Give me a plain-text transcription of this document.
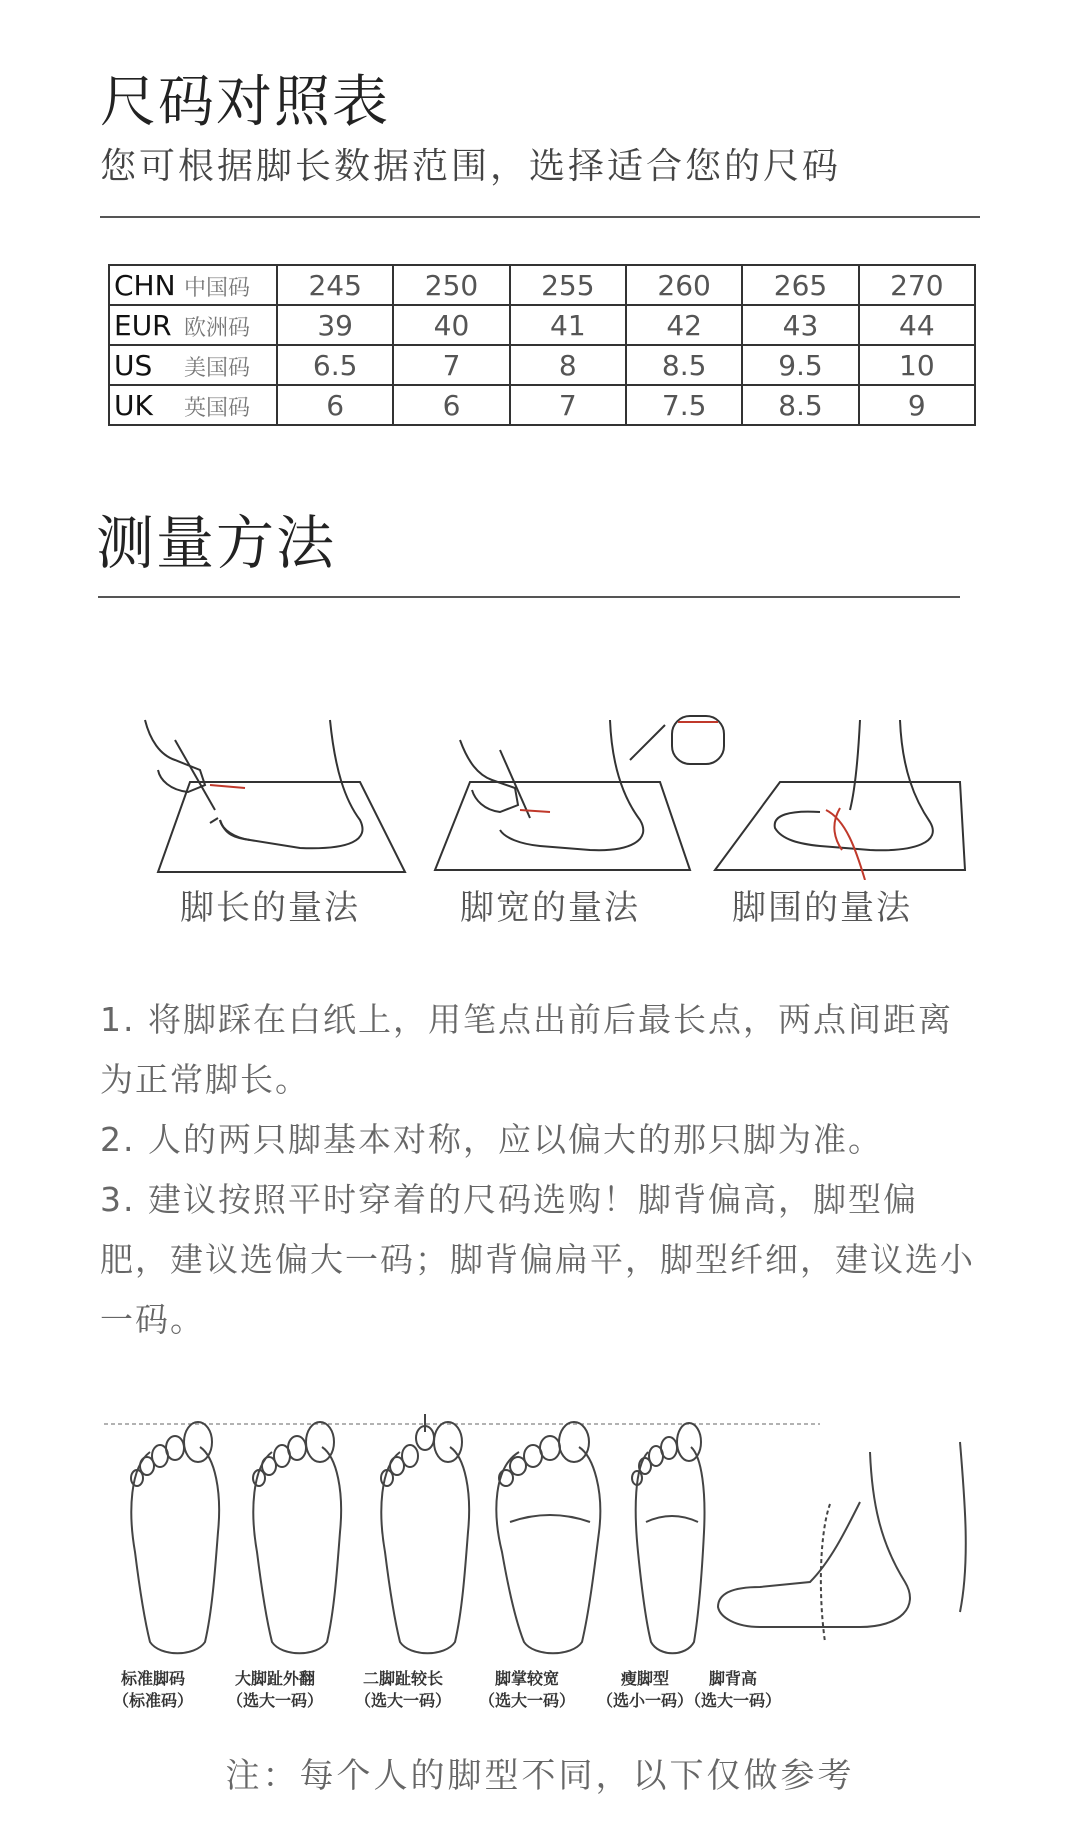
尺码对照表
您可根据脚长数据范围，选择适合您的尺码
CHN 中国码	245	250	255	260	265	270
EUR 欧洲码	39	40	41	42	43	44
US 美国码	6.5	7	8	8.5	9.5	10
UK 英国码	6	6	7	7.5	8.5	9
测量方法
脚长的量法	脚宽的量法	脚围的量法

1. 将脚踩在白纸上，用笔点出前后最长点，两点间距离为正常脚长。

2. 人的两只脚基本对称，应以偏大的那只脚为准。

3. 建议按照平时穿着的尺码选购！脚背偏高，脚型偏肥，建议选偏大一码；脚背偏扁平，脚型纤细，建议选小一码。

标准脚码
（标准码）
大脚趾外翻
（选大一码）
二脚趾较长
（选大一码）
脚掌较宽
（选大一码）
瘦脚型
（选小一码）
脚背高
（选大一码）
注：每个人的脚型不同，以下仅做参考
